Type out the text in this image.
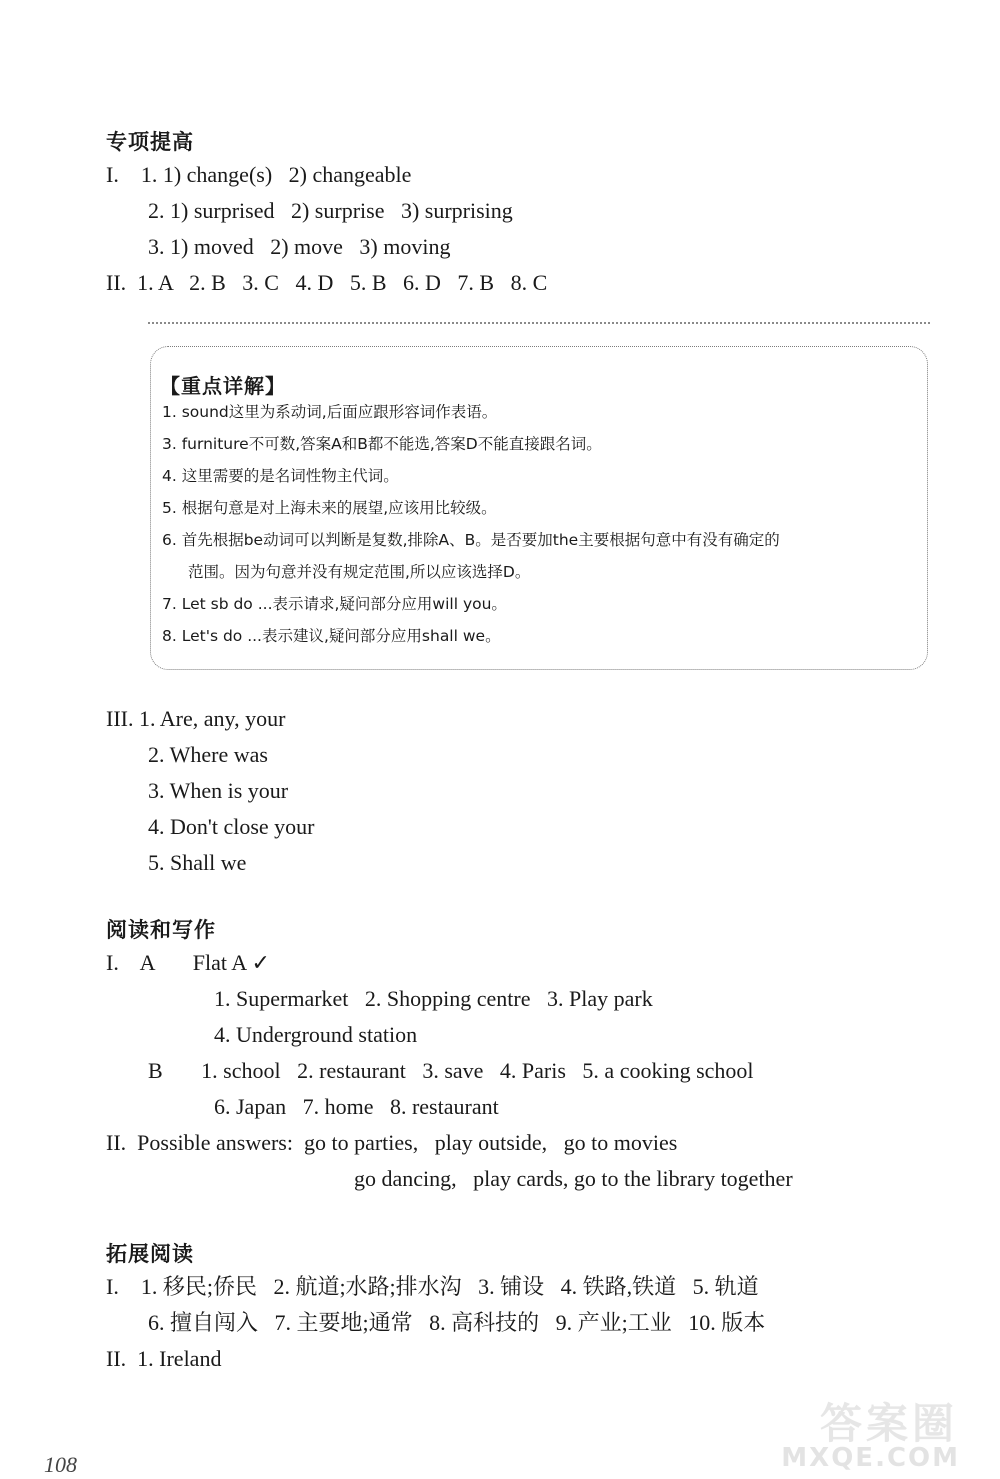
专项提高
I.    1. 1) change(s)   2) changeable
2. 1) surprised   2) surprise   3) surprising
3. 1) moved   2) move   3) moving
II.  1. A   2. B   3. C   4. D   5. B   6. D   7. B   8. C
【重点详解】
1. sound这里为系动词,后面应跟形容词作表语。
3. furniture不可数,答案A和B都不能选,答案D不能直接跟名词。
4. 这里需要的是名词性物主代词。
5. 根据句意是对上海未来的展望,应该用比较级。
6. 首先根据be动词可以判断是复数,排除A、B。是否要加the主要根据句意中有没有确定的
范围。因为句意并没有规定范围,所以应该选择D。
7. Let sb do ...表示请求,疑问部分应用will you。
8. Let's do ...表示建议,疑问部分应用shall we。
III. 1. Are, any, your
2. Where was
3. When is your
4. Don't close your
5. Shall we
阅读和写作
I.    A       Flat A ✓
1. Supermarket   2. Shopping centre   3. Play park
4. Underground station
B       1. school   2. restaurant   3. save   4. Paris   5. a cooking school
6. Japan   7. home   8. restaurant
II.  Possible answers:  go to parties,   play outside,   go to movies
go dancing,   play cards, go to the library together
拓展阅读
I.    1. 移民;侨民   2. 航道;水路;排水沟   3. 铺设   4. 铁路,铁道   5. 轨道
6. 擅自闯入   7. 主要地;通常   8. 高科技的   9. 产业;工业   10. 版本
II.  1. Ireland
108
答案圈
MXQE.COM
